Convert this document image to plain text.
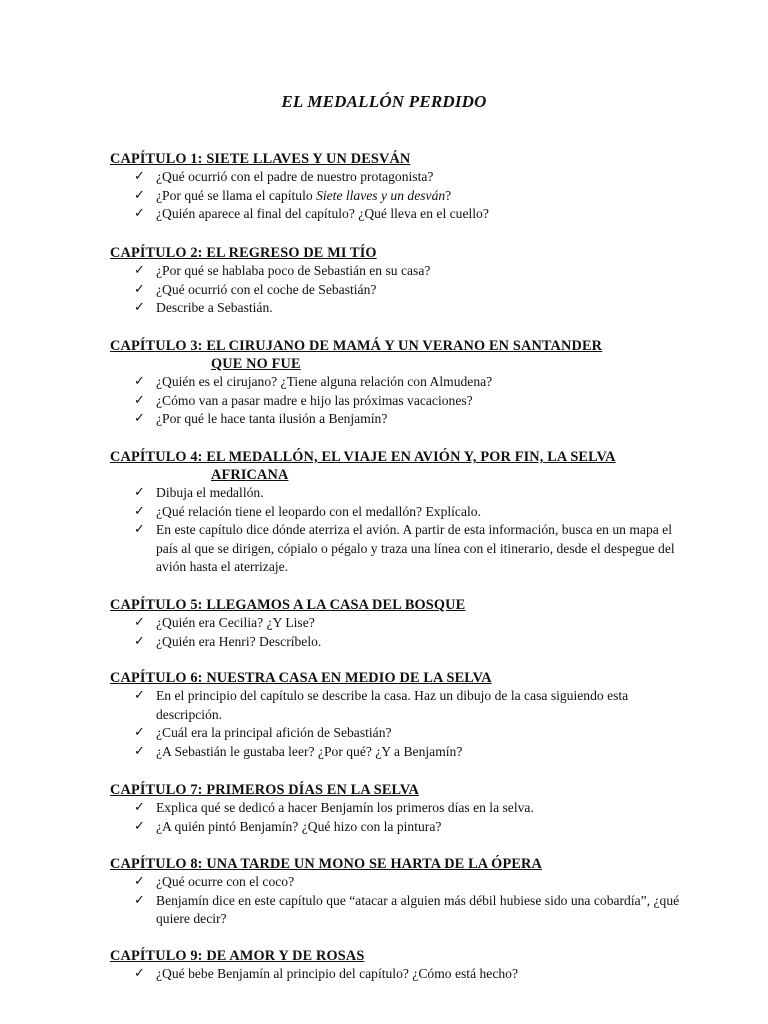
EL MEDALLÓN PERDIDO
CAPÍTULO 1: SIETE LLAVES Y UN DESVÁN
✓ ¿Qué ocurrió con el padre de nuestro protagonista?
✓ ¿Por qué se llama el capítulo Siete llaves y un desván?
✓ ¿Quién aparece al final del capítulo? ¿Qué lleva en el cuello?
CAPÍTULO 2: EL REGRESO DE MI TÍO
✓ ¿Por qué se hablaba poco de Sebastián en su casa?
✓ ¿Qué ocurrió con el coche de Sebastián?
✓ Describe a Sebastián.
CAPÍTULO 3: EL CIRUJANO DE MAMÁ Y UN VERANO EN SANTANDER
QUE NO FUE
✓ ¿Quién es el cirujano? ¿Tiene alguna relación con Almudena?
✓ ¿Cómo van a pasar madre e hijo las próximas vacaciones?
✓ ¿Por qué le hace tanta ilusión a Benjamín?
CAPÍTULO 4: EL MEDALLÓN, EL VIAJE EN AVIÓN Y, POR FIN, LA SELVA
AFRICANA
✓ Dibuja el medallón.
✓ ¿Qué relación tiene el leopardo con el medallón? Explícalo.
✓ En este capítulo dice dónde aterriza el avión. A partir de esta información, busca en un mapa el país al que se dirigen, cópialo o pégalo y traza una línea con el itinerario, desde el despegue del avión hasta el aterrizaje.
CAPÍTULO 5: LLEGAMOS A LA CASA DEL BOSQUE
✓ ¿Quién era Cecilia? ¿Y Lise?
✓ ¿Quién era Henri? Descríbelo.
CAPÍTULO 6: NUESTRA CASA EN MEDIO DE LA SELVA
✓ En el principio del capítulo se describe la casa. Haz un dibujo de la casa siguiendo esta descripción.
✓ ¿Cuál era la principal afición de Sebastián?
✓ ¿A Sebastián le gustaba leer? ¿Por qué? ¿Y a Benjamín?
CAPÍTULO 7: PRIMEROS DÍAS EN LA SELVA
✓ Explica qué se dedicó a hacer Benjamín los primeros días en la selva.
✓ ¿A quién pintó Benjamín? ¿Qué hizo con la pintura?
CAPÍTULO 8: UNA TARDE UN MONO SE HARTA DE LA ÓPERA
✓ ¿Qué ocurre con el coco?
✓ Benjamín dice en este capítulo que “atacar a alguien más débil hubiese sido una cobardía”, ¿qué quiere decir?
CAPÍTULO 9: DE AMOR Y DE ROSAS
✓ ¿Qué bebe Benjamín al principio del capítulo? ¿Cómo está hecho?
